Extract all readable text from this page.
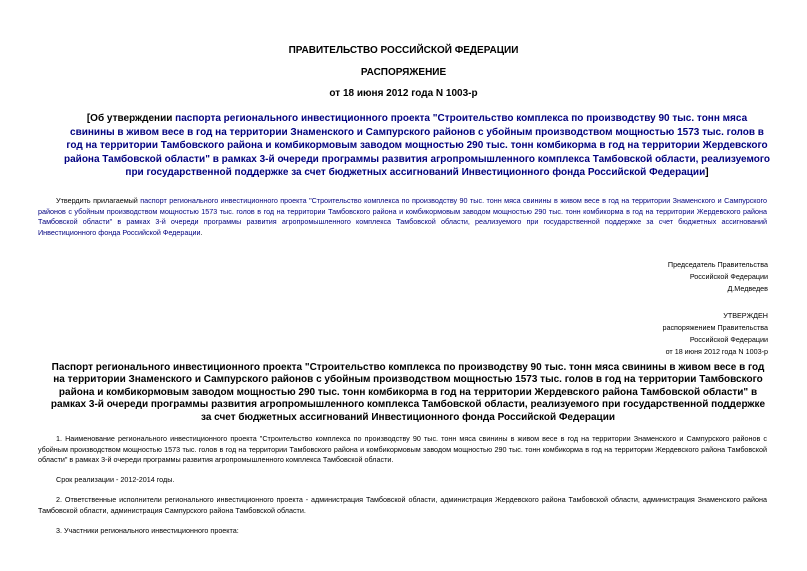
ПРАВИТЕЛЬСТВО РОССИЙСКОЙ ФЕДЕРАЦИИ
РАСПОРЯЖЕНИЕ
от 18 июня 2012 года N 1003-р
[Об утверждении паспорта регионального инвестиционного проекта "Строительство комплекса по производству 90 тыс. тонн мяса свинины в живом весе в год на территории Знаменского и Сампурского районов с убойным производством мощностью 1573 тыс. голов в год на территории Тамбовского района и комбикормовым заводом мощностью 290 тыс. тонн комбикорма в год на территории Жердевского района Тамбовской области" в рамках 3-й очереди программы развития агропромышленного комплекса Тамбовской области, реализуемого при государственной поддержке за счет бюджетных ассигнований Инвестиционного фонда Российской Федерации]
Утвердить прилагаемый паспорт регионального инвестиционного проекта "Строительство комплекса по производству 90 тыс. тонн мяса свинины в живом весе в год на территории Знаменского и Сампурского районов с убойным производством мощностью 1573 тыс. голов в год на территории Тамбовского района и комбикормовым заводом мощностью 290 тыс. тонн комбикорма в год на территории Жердевского района Тамбовской области" в рамках 3-й очереди программы развития агропромышленного комплекса Тамбовской области, реализуемого при государственной поддержке за счет бюджетных ассигнований Инвестиционного фонда Российской Федерации.
Председатель Правительства
Российской Федерации
Д.Медведев
УТВЕРЖДЕН
распоряжением Правительства
Российской Федерации
от 18 июня 2012 года N 1003-р
Паспорт регионального инвестиционного проекта "Строительство комплекса по производству 90 тыс. тонн мяса свинины в живом весе в год на территории Знаменского и Сампурского районов с убойным производством мощностью 1573 тыс. голов в год на территории Тамбовского района и комбикормовым заводом мощностью 290 тыс. тонн комбикорма в год на территории Жердевского района Тамбовской области" в рамках 3-й очереди программы развития агропромышленного комплекса Тамбовской области, реализуемого при государственной поддержке за счет бюджетных ассигнований Инвестиционного фонда Российской Федерации
1. Наименование регионального инвестиционного проекта "Строительство комплекса по производству 90 тыс. тонн мяса свинины в живом весе в год на территории Знаменского и Сампурского районов с убойным производством мощностью 1573 тыс. голов в год на территории Тамбовского района и комбикормовым заводом мощностью 290 тыс. тонн комбикорма в год на территории Жердевского района Тамбовской области" в рамках 3-й очереди программы развития агропромышленного комплекса Тамбовской области.
Срок реализации - 2012-2014 годы.
2. Ответственные исполнители регионального инвестиционного проекта - администрация Тамбовской области, администрация Жердевского района Тамбовской области, администрация Знаменского района Тамбовской области, администрация Сампурского района Тамбовской области.
3. Участники регионального инвестиционного проекта:
